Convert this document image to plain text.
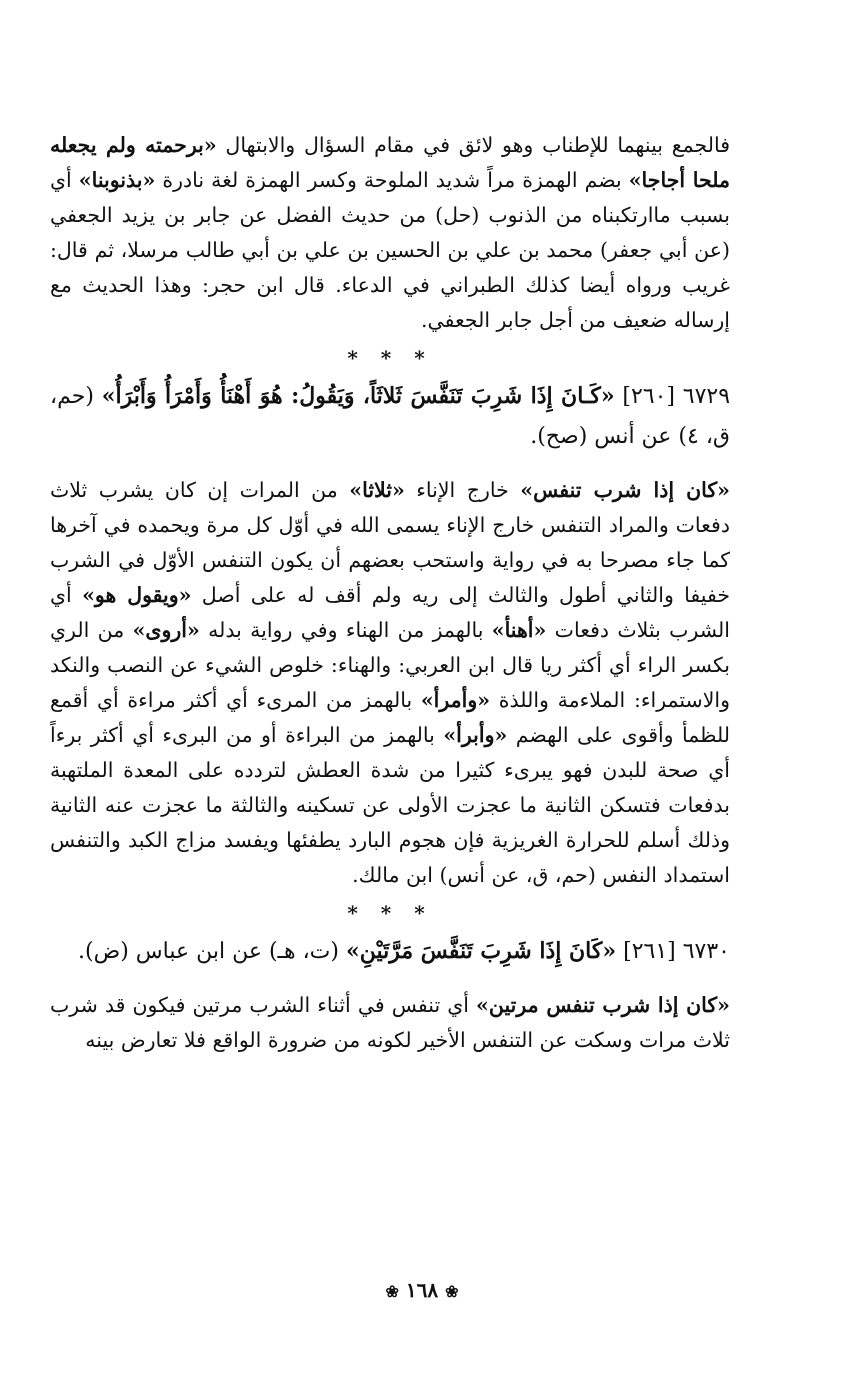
فالجمع بينهما للإطناب وهو لائق في مقام السؤال والابتهال «برحمته ولم يجعله ملحا أجاجا» بضم الهمزة مراً شديد الملوحة وكسر الهمزة لغة نادرة «بذنوبنا» أي بسبب ماارتكبناه من الذنوب (حل) من حديث الفضل عن جابر بن يزيد الجعفي (عن أبي جعفر) محمد بن علي بن الحسين بن علي بن أبي طالب مرسلا، ثم قال: غريب ورواه أيضا كذلك الطبراني في الدعاء. قال ابن حجر: وهذا الحديث مع إرساله ضعيف من أجل جابر الجعفي.

* * *

٦٧٢٩ [٢٦٠] «كَـانَ إِذَا شَرِبَ تَنَفَّسَ ثَلاثَاً، وَيَقُولُ: هُوَ أَهْنَأُ وَأَمْرَأُ وَأَبْرَأُ» (حم، ق، ٤) عن أنس (صح).

«كان إذا شرب تنفس» خارج الإناء «ثلاثا» من المرات إن كان يشرب ثلاث دفعات والمراد التنفس خارج الإناء يسمى الله في أوّل كل مرة ويحمده في آخرها كما جاء مصرحا به في رواية واستحب بعضهم أن يكون التنفس الأوّل في الشرب خفيفا والثاني أطول والثالث إلى ريه ولم أقف له على أصل «ويقول هو» أي الشرب بثلاث دفعات «أهنأ» بالهمز من الهناء وفي رواية بدله «أروى» من الري بكسر الراء أي أكثر ريا قال ابن العربي: والهناء: خلوص الشيء عن النصب والنكد والاستمراء: الملاءمة واللذة «وأمرأ» بالهمز من المرىء أي أكثر مراءة أي أقمع للظمأ وأقوى على الهضم «وأبرأ» بالهمز من البراءة أو من البرىء أي أكثر برءاً أي صحة للبدن فهو يبرىء كثيرا من شدة العطش لتردده على المعدة الملتهبة بدفعات فتسكن الثانية ما عجزت الأولى عن تسكينه والثالثة ما عجزت عنه الثانية وذلك أسلم للحرارة الغريزية فإن هجوم البارد يطفئها ويفسد مزاج الكبد والتنفس استمداد النفس (حم، ق، عن أنس) ابن مالك.

* * *

٦٧٣٠ [٢٦١] «كَانَ إِذَا شَرِبَ تَنَفَّسَ مَرَّتَيْنِ» (ت، هـ) عن ابن عباس (ض).

«كان إذا شرب تنفس مرتين» أي تنفس في أثناء الشرب مرتين فيكون قد شرب ثلاث مرات وسكت عن التنفس الأخير لكونه من ضرورة الواقع فلا تعارض بينه

❀ ١٦٨ ❀
